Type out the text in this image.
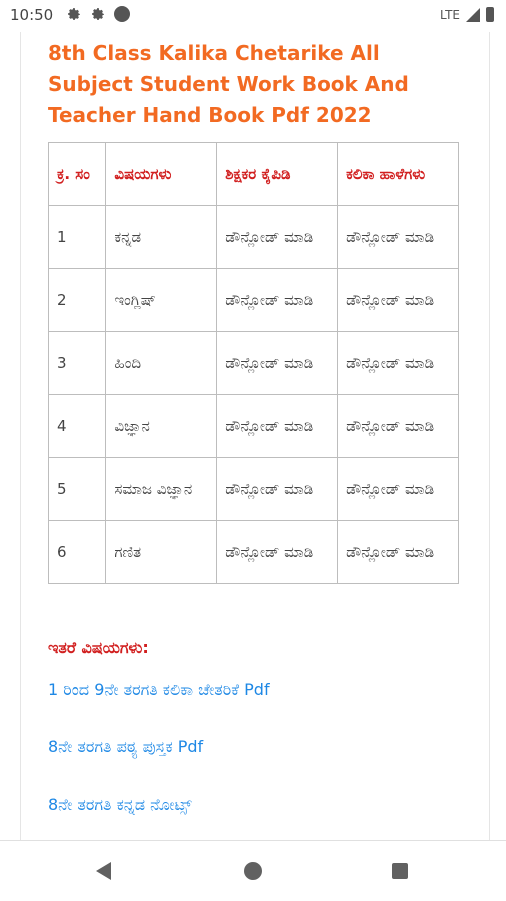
10:50	LTE
8th Class Kalika Chetarike All Subject Student Work Book And Teacher Hand Book Pdf 2022
ಕ್ರ. ಸಂ	ವಿಷಯಗಳು	ಶಿಕ್ಷಕರ ಕೈಪಿಡಿ	ಕಲಿಕಾ ಹಾಳೆಗಳು
1	ಕನ್ನಡ	ಡೌನ್ಲೋಡ್ ಮಾಡಿ	ಡೌನ್ಲೋಡ್ ಮಾಡಿ
2	ಇಂಗ್ಲಿಷ್	ಡೌನ್ಲೋಡ್ ಮಾಡಿ	ಡೌನ್ಲೋಡ್ ಮಾಡಿ
3	ಹಿಂದಿ	ಡೌನ್ಲೋಡ್ ಮಾಡಿ	ಡೌನ್ಲೋಡ್ ಮಾಡಿ
4	ವಿಜ್ಞಾನ	ಡೌನ್ಲೋಡ್ ಮಾಡಿ	ಡೌನ್ಲೋಡ್ ಮಾಡಿ
5	ಸಮಾಜ ವಿಜ್ಞಾನ	ಡೌನ್ಲೋಡ್ ಮಾಡಿ	ಡೌನ್ಲೋಡ್ ಮಾಡಿ
6	ಗಣಿತ	ಡೌನ್ಲೋಡ್ ಮಾಡಿ	ಡೌನ್ಲೋಡ್ ಮಾಡಿ
ಇತರೆ ವಿಷಯಗಳು:
1 ರಿಂದ 9ನೇ ತರಗತಿ ಕಲಿಕಾ ಚೇತರಿಕೆ Pdf
8ನೇ ತರಗತಿ ಪಠ್ಯ ಪುಸ್ತಕ Pdf
8ನೇ ತರಗತಿ ಕನ್ನಡ ನೋಟ್ಸ್
